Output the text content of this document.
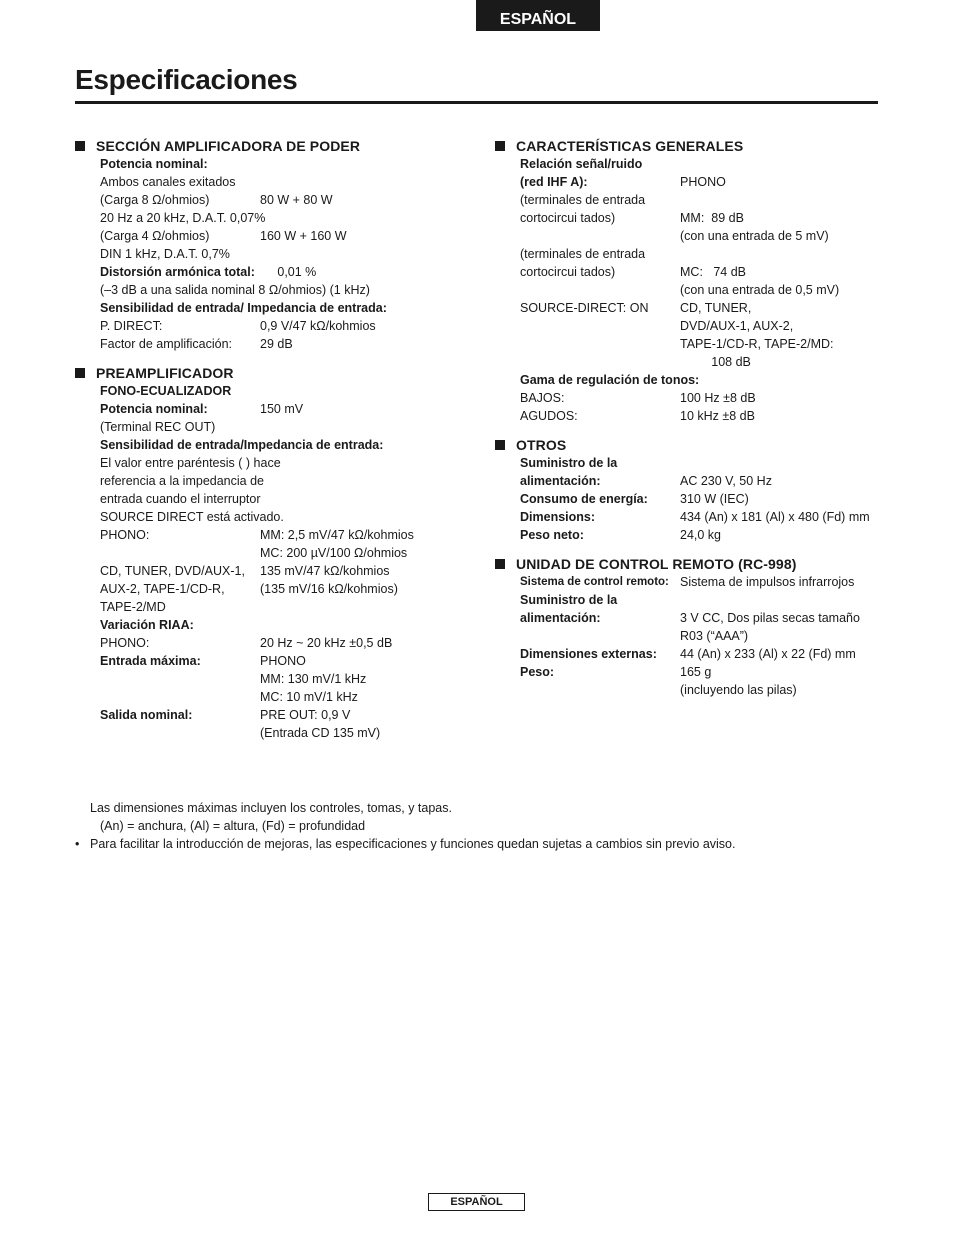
ESPAÑOL
Especificaciones
SECCIÓN AMPLIFICADORA DE PODER
Potencia nominal:
Ambos canales exitados
(Carga 8 Ω/ohmios)	80 W + 80 W
20 Hz a 20 kHz, D.A.T. 0,07%
(Carga 4 Ω/ohmios)	160 W + 160 W
DIN 1 kHz, D.A.T. 0,7%
Distorsión armónica total: 0,01 %
(–3 dB a una salida nominal 8 Ω/ohmios) (1 kHz)
Sensibilidad de entrada/ Impedancia de entrada:
P. DIRECT:	0,9 V/47 kΩ/kohmios
Factor de amplificación:	29 dB
PREAMPLIFICADOR
FONO-ECUALIZADOR
Potencia nominal:	150 mV
(Terminal REC OUT)
Sensibilidad de entrada/Impedancia de entrada:
El valor entre paréntesis ( ) hace
referencia a la impedancia de
entrada cuando el interruptor
SOURCE DIRECT está activado.
PHONO:	MM: 2,5 mV/47 kΩ/kohmios
MC: 200 µV/100 Ω/ohmios
CD, TUNER, DVD/AUX-1,	135 mV/47 kΩ/kohmios
AUX-2, TAPE-1/CD-R,	(135 mV/16 kΩ/kohmios)
TAPE-2/MD
Variación RIAA:
PHONO:	20 Hz ~ 20 kHz ±0,5 dB
Entrada máxima:	PHONO
MM: 130 mV/1 kHz
MC: 10 mV/1 kHz
Salida nominal:	PRE OUT: 0,9 V
(Entrada CD 135 mV)
CARACTERÍSTICAS GENERALES
Relación señal/ruido
(red IHF A):	PHONO
(terminales de entrada
cortocircui tados)	MM:  89 dB
(con una entrada de 5 mV)
(terminales de entrada
cortocircui tados)	MC:   74 dB
(con una entrada de 0,5 mV)
SOURCE-DIRECT: ON	CD, TUNER,
DVD/AUX-1, AUX-2,
TAPE-1/CD-R, TAPE-2/MD:
108 dB
Gama de regulación de tonos:
BAJOS:	100 Hz ±8 dB
AGUDOS:	10 kHz ±8 dB
OTROS
Suministro de la
alimentación:	AC 230 V, 50 Hz
Consumo de energía:	310 W (IEC)
Dimensions:	434 (An) x 181 (Al) x 480 (Fd) mm
Peso neto:	24,0 kg
UNIDAD DE CONTROL REMOTO (RC-998)
Sistema de control remoto: Sistema de impulsos infrarrojos
Suministro de la
alimentación:	3 V CC, Dos pilas secas tamaño
R03 (“AAA”)
Dimensiones externas:	44 (An) x 233 (Al) x 22 (Fd) mm
Peso:	165 g
(incluyendo las pilas)
Las dimensiones máximas incluyen los controles, tomas, y tapas.
(An) = anchura, (Al) = altura, (Fd) = profundidad
• Para facilitar la introducción de mejoras, las especificaciones y funciones quedan sujetas a cambios sin previo aviso.
ESPAÑOL
